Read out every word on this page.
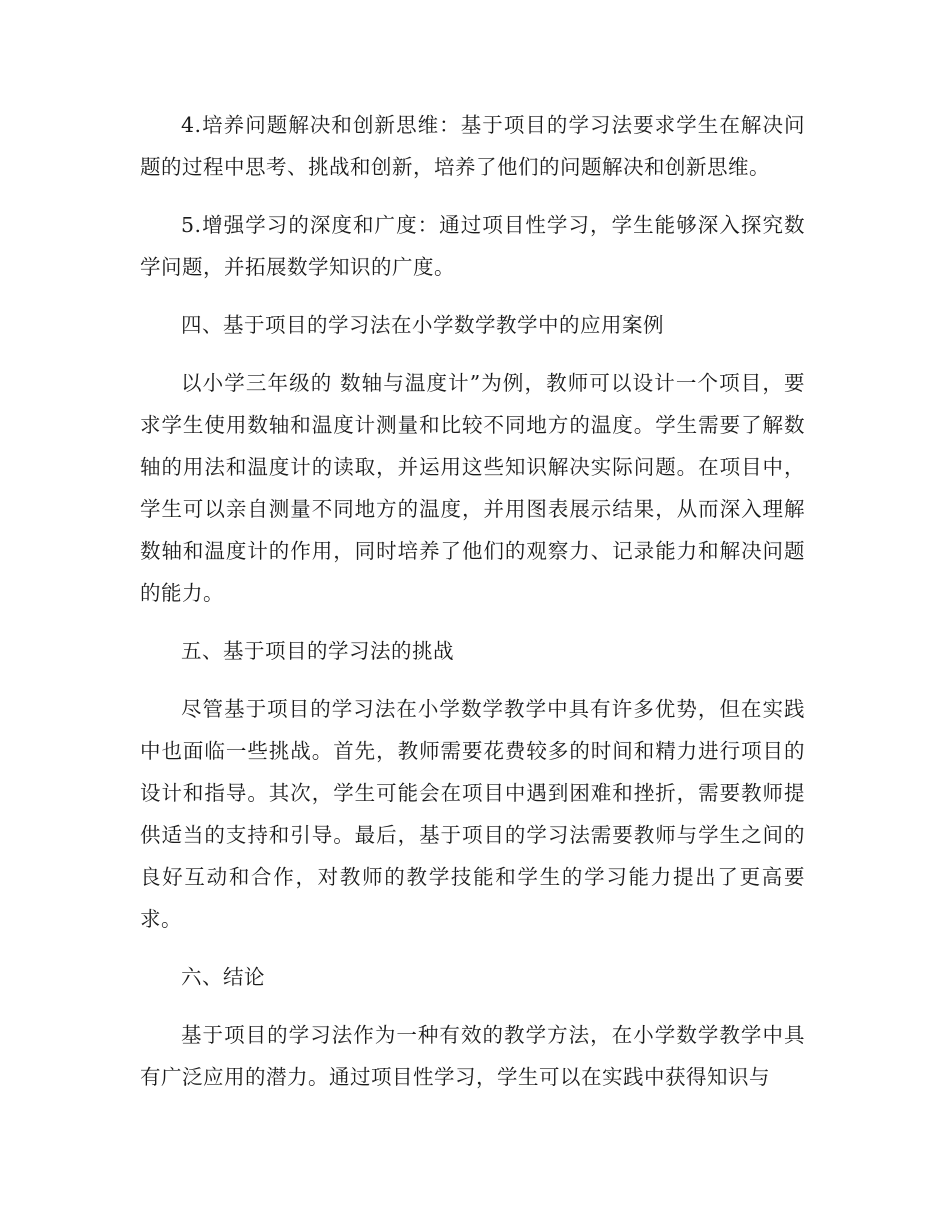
4.培养问题解决和创新思维：基于项目的学习法要求学生在解决问题的过程中思考、挑战和创新，培养了他们的问题解决和创新思维。

5.增强学习的深度和广度：通过项目性学习，学生能够深入探究数学问题，并拓展数学知识的广度。

四、基于项目的学习法在小学数学教学中的应用案例

以小学三年级的 数轴与温度计”为例，教师可以设计一个项目，要求学生使用数轴和温度计测量和比较不同地方的温度。学生需要了解数轴的用法和温度计的读取，并运用这些知识解决实际问题。在项目中，学生可以亲自测量不同地方的温度，并用图表展示结果，从而深入理解数轴和温度计的作用，同时培养了他们的观察力、记录能力和解决问题的能力。

五、基于项目的学习法的挑战

尽管基于项目的学习法在小学数学教学中具有许多优势，但在实践中也面临一些挑战。首先，教师需要花费较多的时间和精力进行项目的设计和指导。其次，学生可能会在项目中遇到困难和挫折，需要教师提供适当的支持和引导。最后，基于项目的学习法需要教师与学生之间的良好互动和合作，对教师的教学技能和学生的学习能力提出了更高要求。

六、结论

基于项目的学习法作为一种有效的教学方法，在小学数学教学中具有广泛应用的潜力。通过项目性学习，学生可以在实践中获得知识与
